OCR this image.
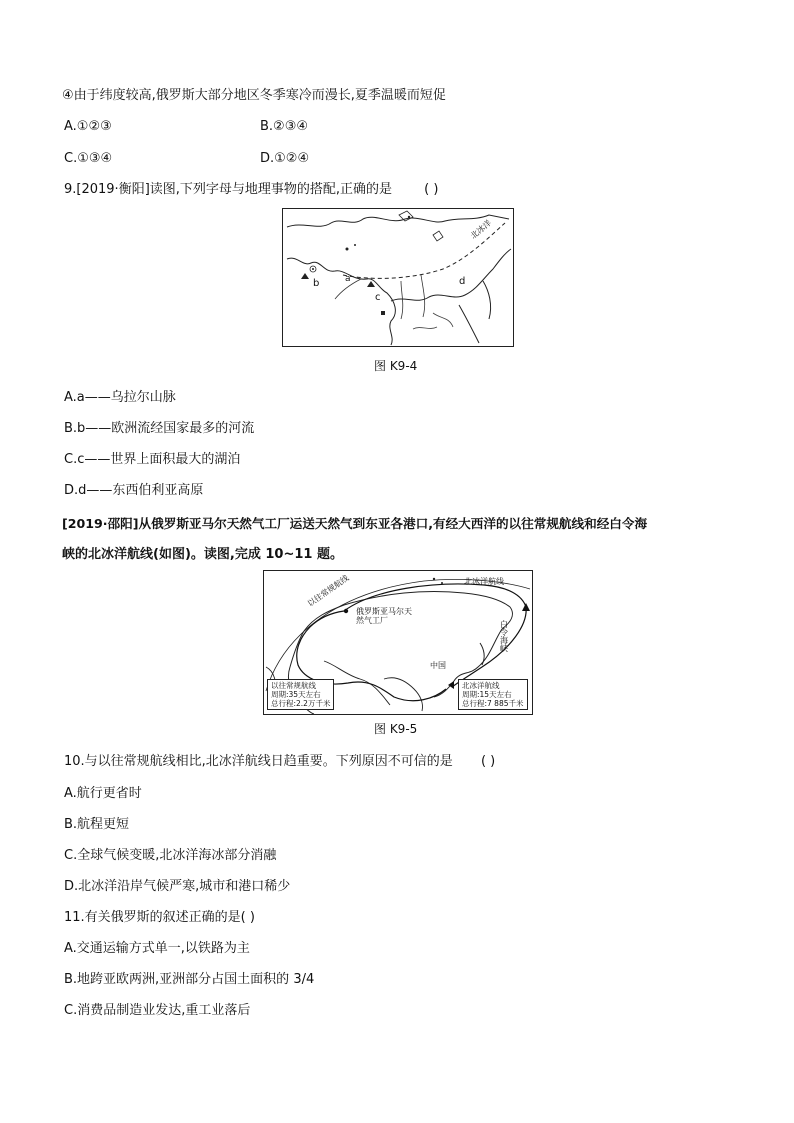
④由于纬度较高,俄罗斯大部分地区冬季寒冷而漫长,夏季温暖而短促
A.①②③	B.②③④
C.①③④	D.①②④
9.[2019·衡阳]读图,下列字母与地理事物的搭配,正确的是 ( )
b	a
c
d
北冰洋
图 K9-4
A.a——乌拉尔山脉
B.b——欧洲流经国家最多的河流
C.c——世界上面积最大的湖泊
D.d——东西伯利亚高原
[2019·邵阳]从俄罗斯亚马尔天然气工厂运送天然气到东亚各港口,有经大西洋的以往常规航线和经白令海
峡的北冰洋航线(如图)。读图,完成 10~11 题。
北冰洋航线
以往常规航线
俄罗斯亚马尔天然气工厂
中国
白令海峡
以往常规航线
周期:35天左右
总行程:2.2万千米
北冰洋航线
周期:15天左右
总行程:7 885千米
图 K9-5
10.与以往常规航线相比,北冰洋航线日趋重要。下列原因不可信的是 ( )
A.航行更省时
B.航程更短
C.全球气候变暖,北冰洋海冰部分消融
D.北冰洋沿岸气候严寒,城市和港口稀少
11.有关俄罗斯的叙述正确的是( )
A.交通运输方式单一,以铁路为主
B.地跨亚欧两洲,亚洲部分占国土面积的 3/4
C.消费品制造业发达,重工业落后
